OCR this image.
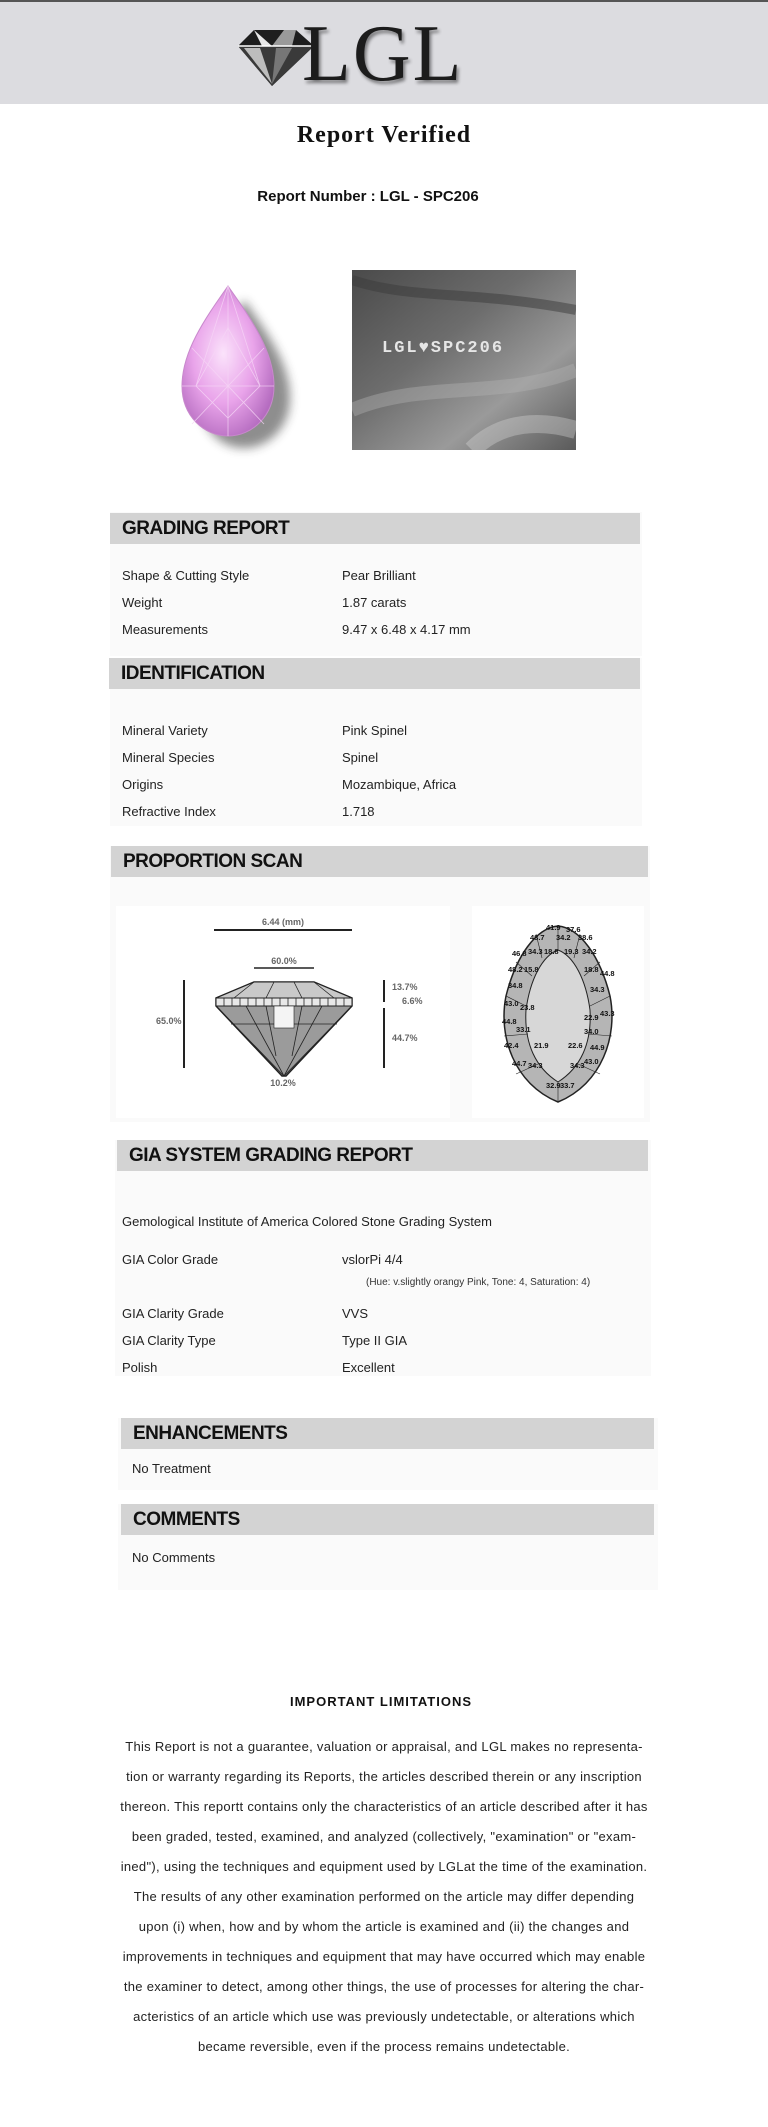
LGL
Report Verified
Report Number : LGL - SPC206
LGL♥SPC206
GRADING REPORT
Shape & Cutting Style	Pear Brilliant
Weight	1.87 carats
Measurements	9.47 x 6.48 x 4.17 mm
IDENTIFICATION
Mineral Variety	Pink Spinel
Mineral Species	Spinel
Origins	Mozambique, Africa
Refractive Index	1.718
PROPORTION SCAN
6.44 (mm)
60.0%
65.0%
13.7%
6.6%
44.7%
10.2%
41.9 37.6
48.7 34.2 38.6
46.8 34.3 18.8 19.3 34.2
48.2 15.8	18.8 44.8
34.8	34.3
43.0 23.8
22.9 43.3
44.8
33.1	34.0
42.4 21.9	22.6 44.9
44.7 34.3	34.3 43.0
32.9 33.7
GIA SYSTEM GRADING REPORT
Gemological Institute of America Colored Stone Grading System
GIA Color Grade	vslorPi 4/4
(Hue: v.slightly orangy Pink, Tone: 4, Saturation: 4)
GIA Clarity Grade	VVS
GIA Clarity Type	Type II GIA
Polish	Excellent
ENHANCEMENTS
No Treatment
COMMENTS
No Comments
IMPORTANT LIMITATIONS
This Report is not a guarantee, valuation or appraisal, and LGL makes no representa-
tion or warranty regarding its Reports, the articles described therein or any inscription
thereon. This reportt contains only the characteristics of an article described after it has
been graded, tested, examined, and analyzed (collectively, "examination" or "exam-
ined"), using the techniques and equipment used by LGLat the time of the examination.
The results of any other examination performed on the article may differ depending
upon (i) when, how and by whom the article is examined and (ii) the changes and
improvements in techniques and equipment that may have occurred which may enable
the examiner to detect, among other things, the use of processes for altering the char-
acteristics of an article which use was previously undetectable, or alterations which
became reversible, even if the process remains undetectable.
